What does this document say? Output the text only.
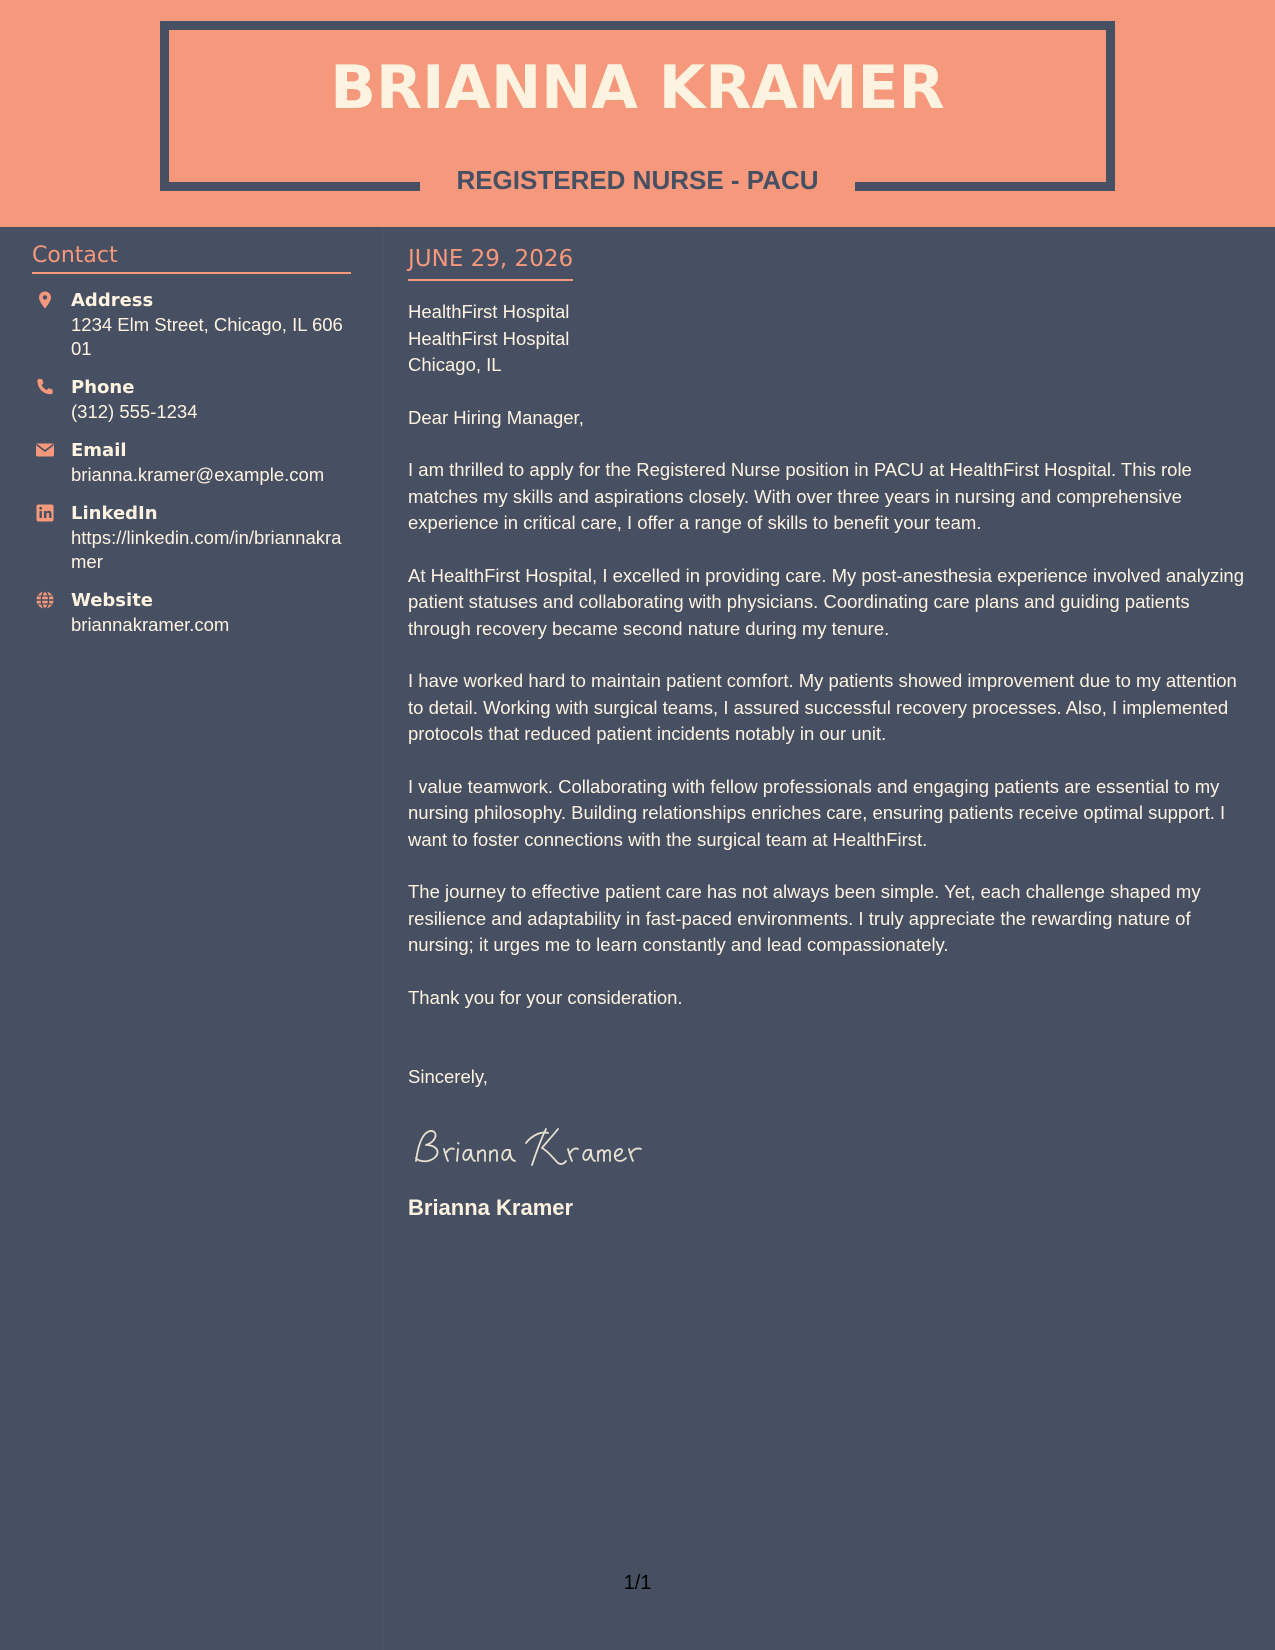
BRIANNA KRAMER
REGISTERED NURSE - PACU
Contact
Address
1234 Elm Street, Chicago, IL 60601
Phone
(312) 555-1234
Email
brianna.kramer@example.com
LinkedIn
https://linkedin.com/in/briannakramer
Website
briannakramer.com
JUNE 29, 2026
HealthFirst Hospital
HealthFirst Hospital
Chicago, IL

Dear Hiring Manager,

I am thrilled to apply for the Registered Nurse position in PACU at HealthFirst Hospital. This role matches my skills and aspirations closely. With over three years in nursing and comprehensive experience in critical care, I offer a range of skills to benefit your team.

At HealthFirst Hospital, I excelled in providing care. My post-anesthesia experience involved analyzing patient statuses and collaborating with physicians. Coordinating care plans and guiding patients through recovery became second nature during my tenure.

I have worked hard to maintain patient comfort. My patients showed improvement due to my attention to detail. Working with surgical teams, I assured successful recovery processes. Also, I implemented protocols that reduced patient incidents notably in our unit.

I value teamwork. Collaborating with fellow professionals and engaging patients are essential to my nursing philosophy. Building relationships enriches care, ensuring patients receive optimal support. I want to foster connections with the surgical team at HealthFirst.

The journey to effective patient care has not always been simple. Yet, each challenge shaped my resilience and adaptability in fast-paced environments. I truly appreciate the rewarding nature of nursing; it urges me to learn constantly and lead compassionately.

Thank you for your consideration.

Sincerely,
Brianna Kramer
Brianna Kramer
1/1
